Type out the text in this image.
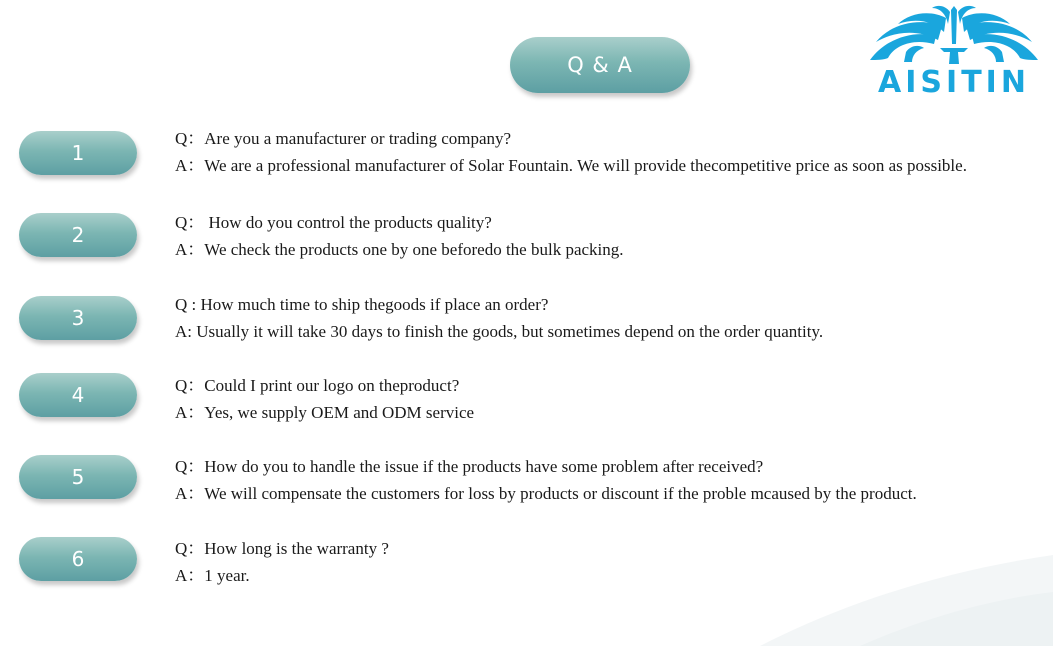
Q & A	AISITIN
1
Q：Are you a manufacturer or trading company?
A：We are a professional manufacturer of Solar Fountain. We will provide thecompetitive price as soon as possible.
2
Q： How do you control the products quality?
A：We check the products one by one beforedo the bulk packing.
3
Q : How much time to ship thegoods if place an order?
A: Usually it will take 30 days to finish the goods, but sometimes depend on the order quantity.
4	Q：Could I print our logo on theproduct?
A：Yes, we supply OEM and ODM service
5	Q：How do you to handle the issue if the products have some problem after received?
A：We will compensate the customers for loss by products or discount if the proble mcaused by the product.
6	Q：How long is the warranty ?
A：1 year.
